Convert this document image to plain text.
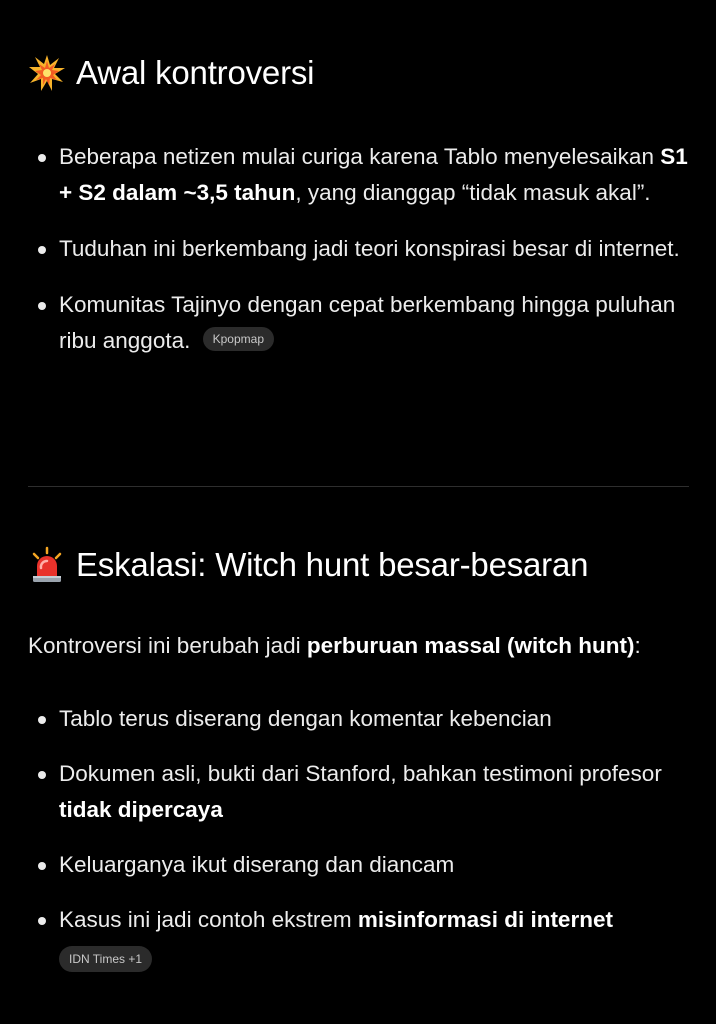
Awal kontroversi
Beberapa netizen mulai curiga karena Tablo menyelesaikan S1 + S2 dalam ~3,5 tahun, yang dianggap “tidak masuk akal”.
Tuduhan ini berkembang jadi teori konspirasi besar di internet.
Komunitas Tajinyo dengan cepat berkembang hingga puluhan ribu anggota. Kpopmap
Eskalasi: Witch hunt besar-besaran

Kontroversi ini berubah jadi perburuan massal (witch hunt):

Tablo terus diserang dengan komentar kebencian
Dokumen asli, bukti dari Stanford, bahkan testimoni profesor tidak dipercaya
Keluarganya ikut diserang dan diancam
Kasus ini jadi contoh ekstrem misinformasi di internet
IDN Times +1
